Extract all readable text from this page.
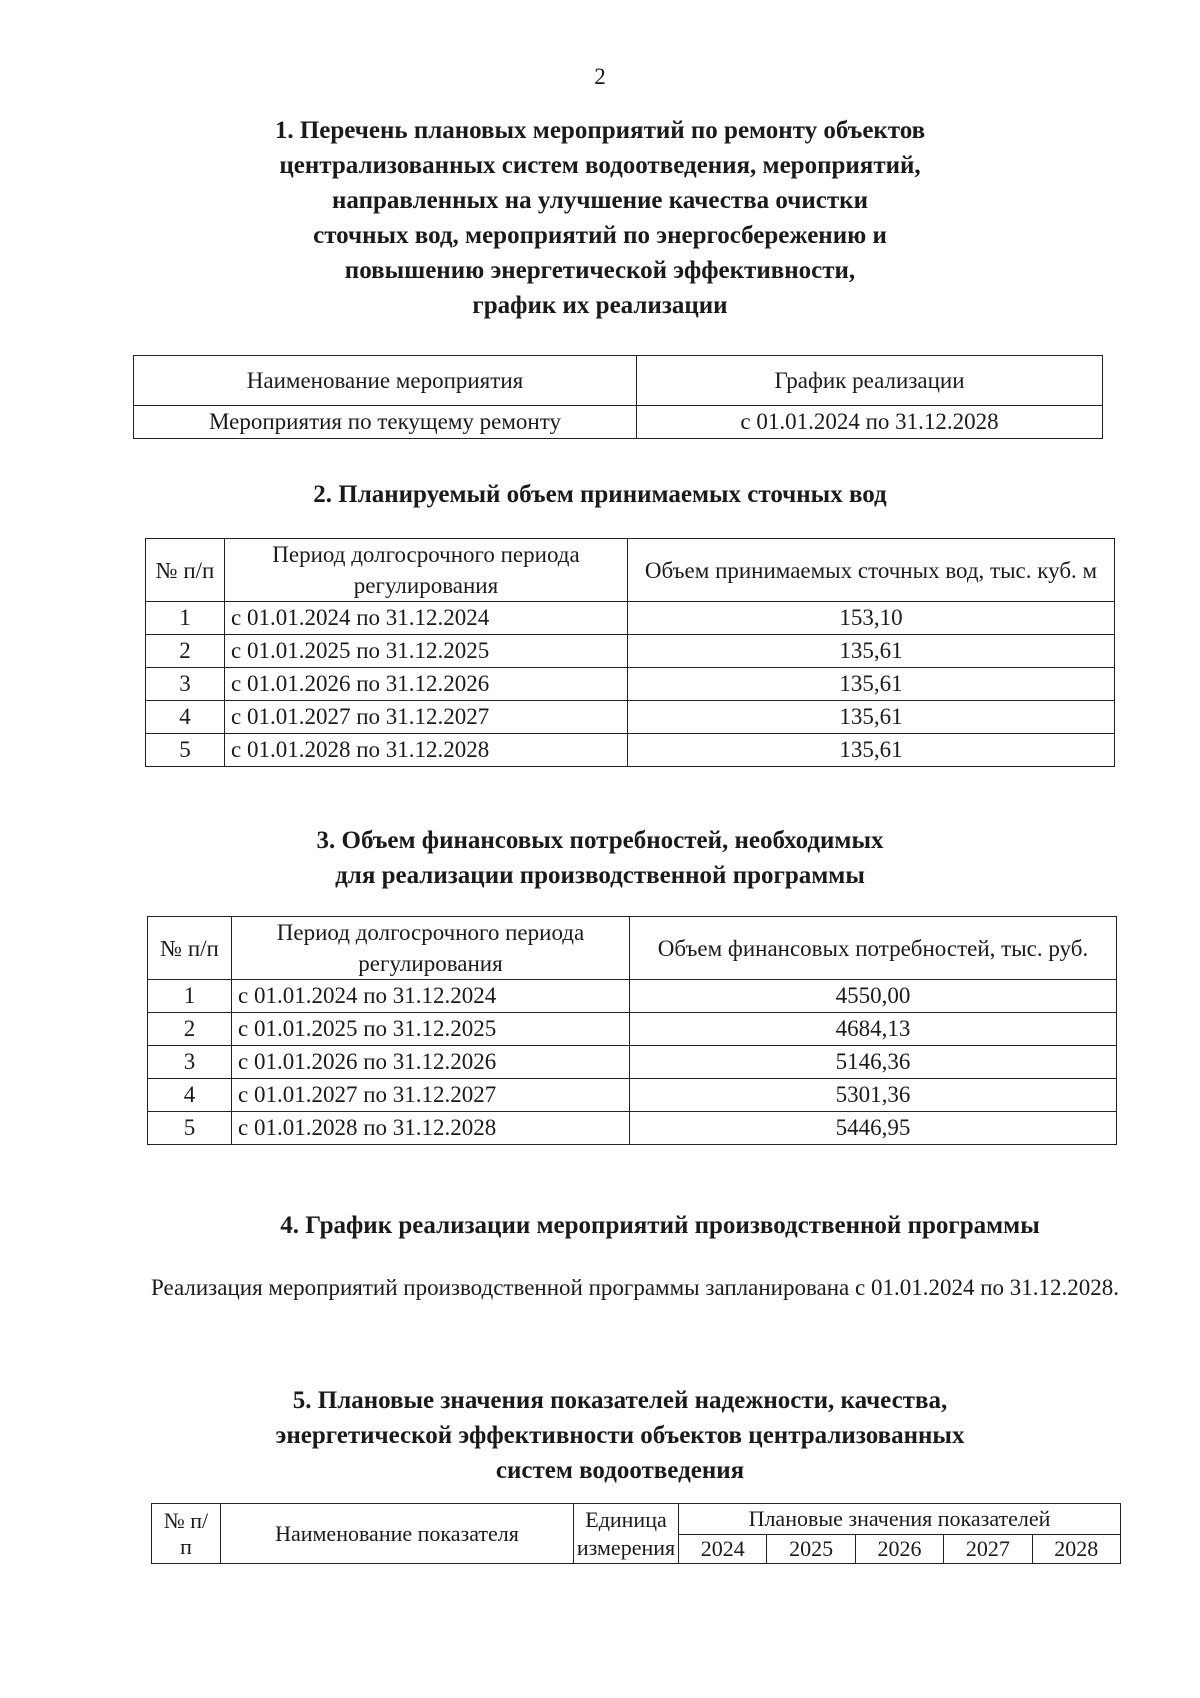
2
1. Перечень плановых мероприятий по ремонту объектов
централизованных систем водоотведения, мероприятий,
направленных на улучшение качества очистки
сточных вод, мероприятий по энергосбережению и
повышению энергетической эффективности,
график их реализации
Наименование мероприятия	График реализации
Мероприятия по текущему ремонту	с 01.01.2024 по 31.12.2028
2. Планируемый объем принимаемых сточных вод
№ п/п	Период долгосрочного периода регулирования	Объем принимаемых сточных вод, тыс. куб. м
1	с 01.01.2024 по 31.12.2024	153,10
2	с 01.01.2025 по 31.12.2025	135,61
3	с 01.01.2026 по 31.12.2026	135,61
4	с 01.01.2027 по 31.12.2027	135,61
5	с 01.01.2028 по 31.12.2028	135,61
3. Объем финансовых потребностей, необходимых
для реализации производственной программы
№ п/п	Период долгосрочного периода регулирования	Объем финансовых потребностей, тыс. руб.
1	с 01.01.2024 по 31.12.2024	4550,00
2	с 01.01.2025 по 31.12.2025	4684,13
3	с 01.01.2026 по 31.12.2026	5146,36
4	с 01.01.2027 по 31.12.2027	5301,36
5	с 01.01.2028 по 31.12.2028	5446,95
4. График реализации мероприятий производственной программы
Реализация мероприятий производственной программы запланирована с 01.01.2024 по 31.12.2028.
5. Плановые значения показателей надежности, качества,
энергетической эффективности объектов централизованных
систем водоотведения
№ п/п	Наименование показателя	Единица измерения	Плановые значения показателей				
			2024	2025	2026	2027	2028
